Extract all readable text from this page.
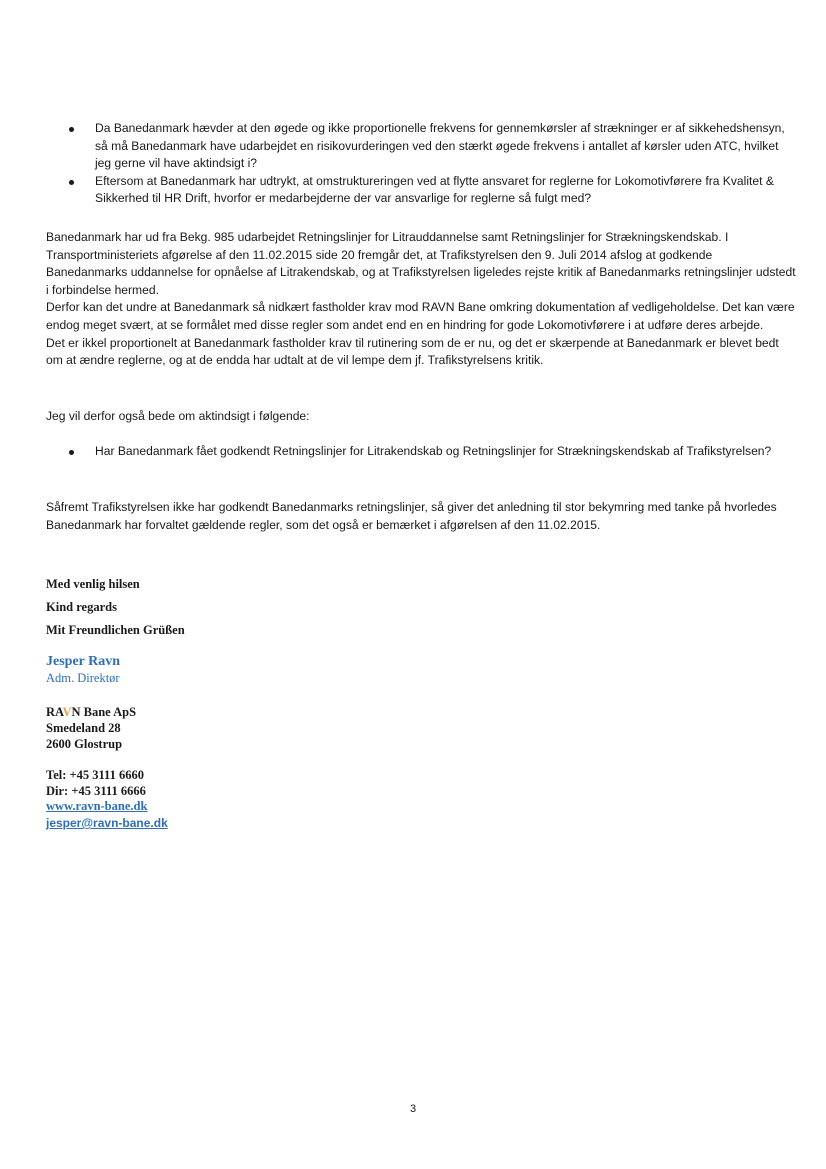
Da Banedanmark hævder at den øgede og ikke proportionelle frekvens for gennemkørsler af strækninger er af sikkehedshensyn, så må Banedanmark have udarbejdet en risikovurderingen ved den stærkt øgede frekvens i antallet af kørsler uden ATC, hvilket jeg gerne vil have aktindsigt i?
Eftersom at Banedanmark har udtrykt, at omstruktureringen ved at flytte ansvaret for reglerne for Lokomotivførere fra Kvalitet & Sikkerhed til HR Drift, hvorfor er medarbejderne der var ansvarlige for reglerne så fulgt med?
Banedanmark har ud fra Bekg. 985 udarbejdet Retningslinjer for Litrauddannelse samt Retningslinjer for Strækningskendskab. I Transportministeriets afgørelse af den 11.02.2015 side 20 fremgår det, at Trafikstyrelsen den 9. Juli 2014 afslog at godkende Banedanmarks uddannelse for opnåelse af Litrakendskab, og at Trafikstyrelsen ligeledes rejste kritik af Banedanmarks retningslinjer udstedt i forbindelse hermed.
Derfor kan det undre at Banedanmark så nidkært fastholder krav mod RAVN Bane omkring dokumentation af vedligeholdelse. Det kan være endog meget svært, at se formålet med disse regler som andet end en en hindring for gode Lokomotivførere i at udføre deres arbejde.
Det er ikkel proportionelt at Banedanmark fastholder krav til rutinering som de er nu, og det er skærpende at Banedanmark er blevet bedt om at ændre reglerne, og at de endda har udtalt at de vil lempe dem jf. Trafikstyrelsens kritik.

Jeg vil derfor også bede om aktindsigt i følgende:

Har Banedanmark fået godkendt Retningslinjer for Litrakendskab og Retningslinjer for Strækningskendskab af Trafikstyrelsen?

Såfremt Trafikstyrelsen ikke har godkendt Banedanmarks retningslinjer, så giver det anledning til stor bekymring med tanke på hvorledes Banedanmark har forvaltet gældende regler, som det også er bemærket i afgørelsen af den 11.02.2015.

Med venlig hilsen

Kind regards

Mit Freundlichen Grüßen

Jesper Ravn

Adm. Direktør

RAVN Bane ApS

Smedeland 28

2600 Glostrup

Tel: +45 3111 6660

Dir: +45 3111 6666

www.ravn-bane.dk
jesper@ravn-bane.dk
3
